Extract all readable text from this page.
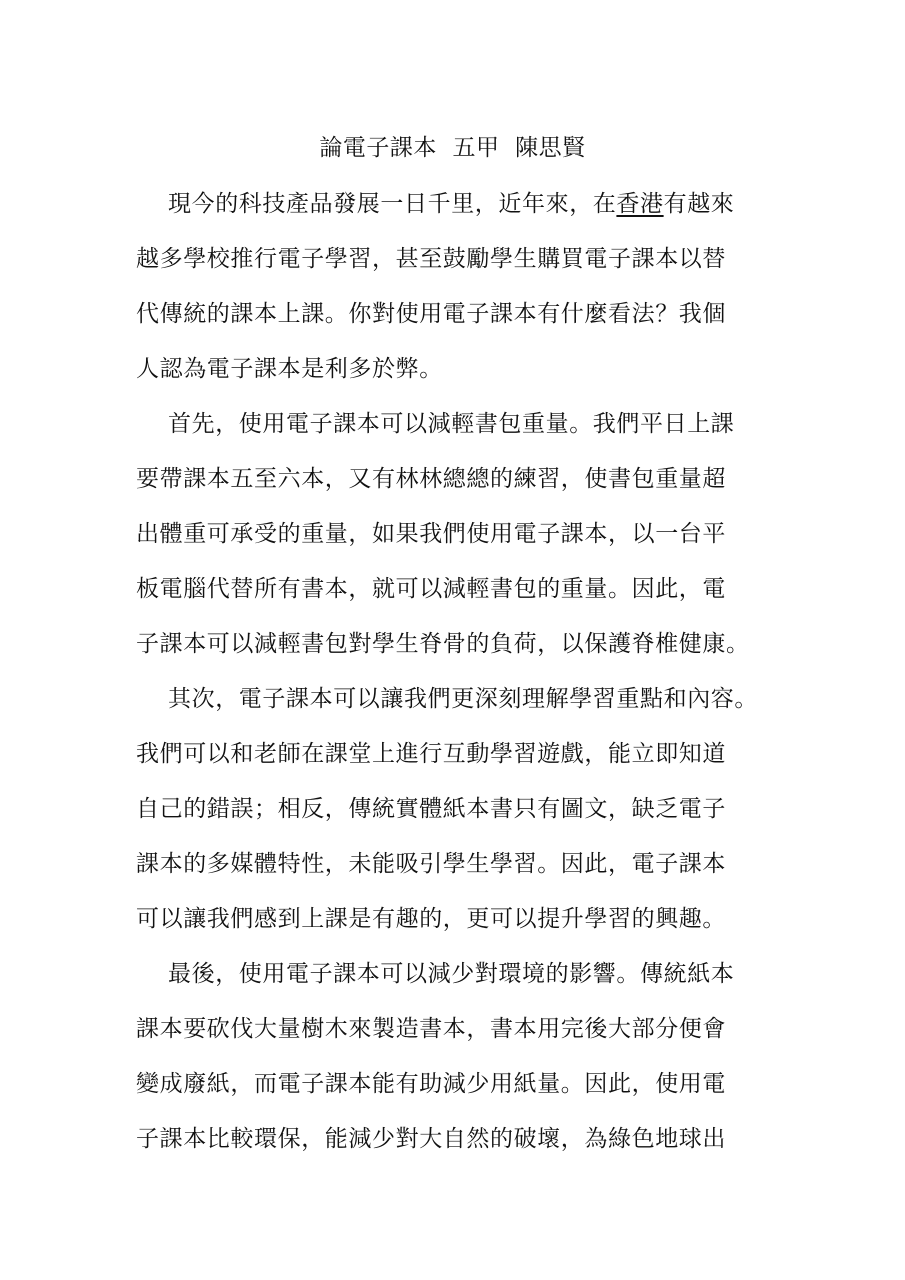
論電子課本  五甲  陳思賢
現今的科技產品發展一日千里，近年來，在香港有越來
越多學校推行電子學習，甚至鼓勵學生購買電子課本以替
代傳統的課本上課。你對使用電子課本有什麼看法？我個
人認為電子課本是利多於弊。
首先，使用電子課本可以減輕書包重量。我們平日上課
要帶課本五至六本，又有林林總總的練習，使書包重量超
出體重可承受的重量，如果我們使用電子課本，以一台平
板電腦代替所有書本，就可以減輕書包的重量。因此，電
子課本可以減輕書包對學生脊骨的負荷，以保護脊椎健康。
其次，電子課本可以讓我們更深刻理解學習重點和內容。
我們可以和老師在課堂上進行互動學習遊戲，能立即知道
自己的錯誤；相反，傳統實體紙本書只有圖文，缺乏電子
課本的多媒體特性，未能吸引學生學習。因此，電子課本
可以讓我們感到上課是有趣的，更可以提升學習的興趣。
最後，使用電子課本可以減少對環境的影響。傳統紙本
課本要砍伐大量樹木來製造書本，書本用完後大部分便會
變成廢紙，而電子課本能有助減少用紙量。因此，使用電
子課本比較環保，能減少對大自然的破壞，為綠色地球出
